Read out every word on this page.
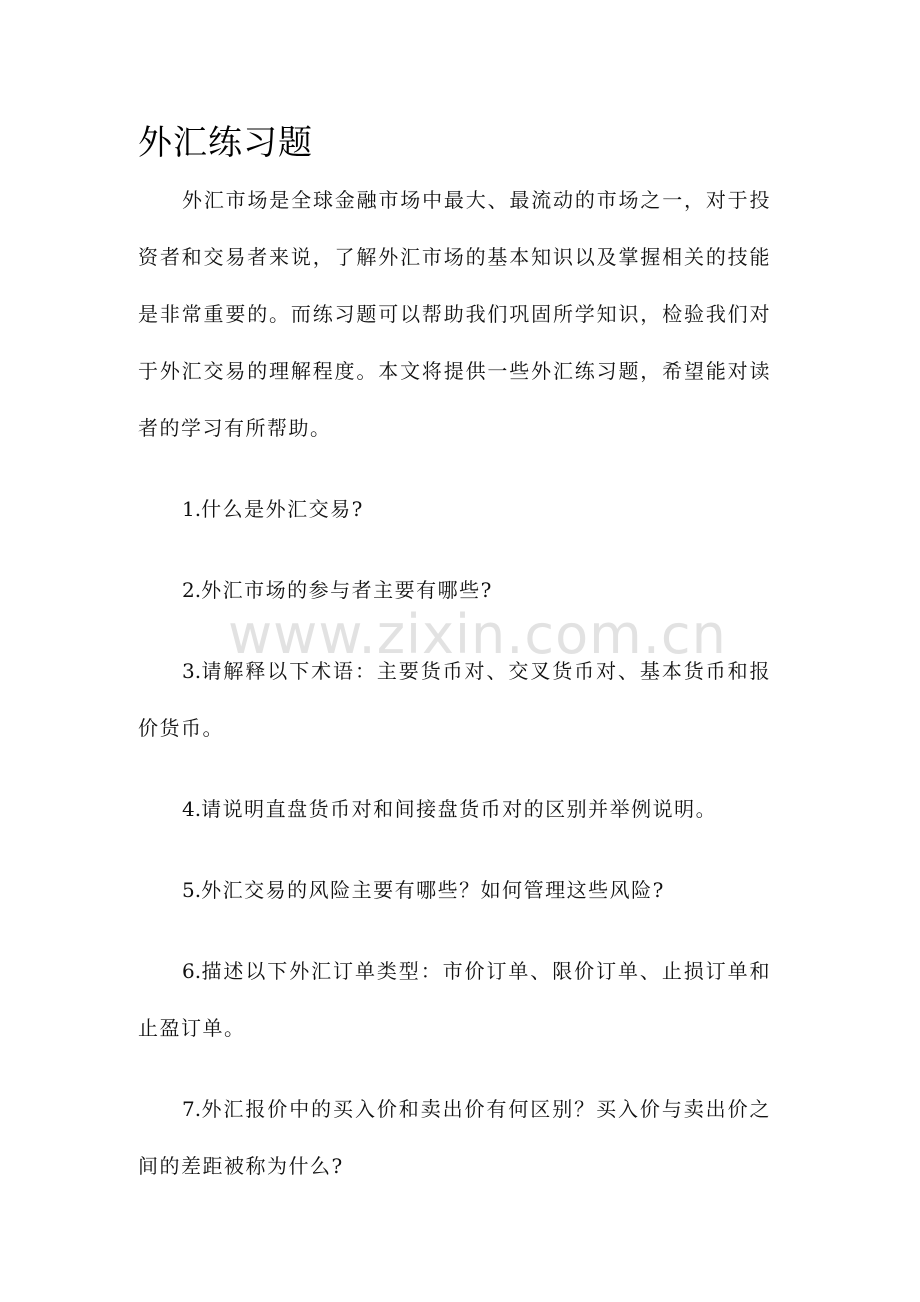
外汇练习题

外汇市场是全球金融市场中最大、最流动的市场之一，对于投资者和交易者来说，了解外汇市场的基本知识以及掌握相关的技能是非常重要的。而练习题可以帮助我们巩固所学知识，检验我们对于外汇交易的理解程度。本文将提供一些外汇练习题，希望能对读者的学习有所帮助。

1.什么是外汇交易?

2.外汇市场的参与者主要有哪些?

3.请解释以下术语：主要货币对、交叉货币对、基本货币和报价货币。

4.请说明直盘货币对和间接盘货币对的区别并举例说明。

5.外汇交易的风险主要有哪些？如何管理这些风险?

6.描述以下外汇订单类型：市价订单、限价订单、止损订单和止盈订单。

7.外汇报价中的买入价和卖出价有何区别？买入价与卖出价之间的差距被称为什么?

www.zixin.com.cn
